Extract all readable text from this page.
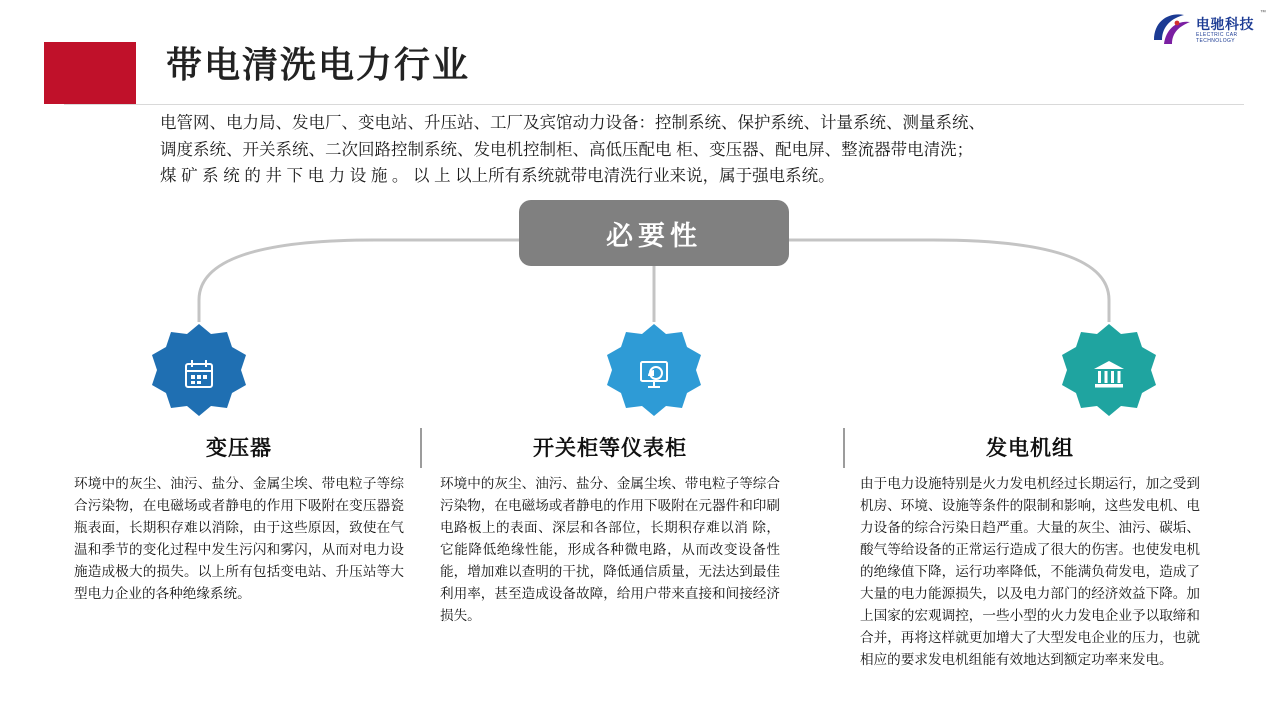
电驰科技
ELECTRIC CAR TECHNOLOGY
™
带电清洗电力行业
电管网、电力局、发电厂、变电站、升压站、工厂及宾馆动力设备：控制系统、保护系统、计量系统、测量系统、
调度系统、开关系统、二次回路控制系统、发电机控制柜、高低压配电 柜、变压器、配电屏、整流器带电清洗；
煤 矿 系 统 的 井 下 电 力 设 施 。 以 上 以上所有系统就带电清洗行业来说，属于强电系统。
必要性
变压器
环境中的灰尘、油污、盐分、金属尘埃、带电粒子等综合污染物，在电磁场或者静电的作用下吸附在变压器瓷瓶表面，长期积存难以消除，由于这些原因，致使在气温和季节的变化过程中发生污闪和雾闪，从而对电力设施造成极大的损失。以上所有包括变电站、升压站等大型电力企业的各种绝缘系统。
开关柜等仪表柜
环境中的灰尘、油污、盐分、金属尘埃、带电粒子等综合污染物，在电磁场或者静电的作用下吸附在元器件和印刷电路板上的表面、深层和各部位，长期积存难以消 除，它能降低绝缘性能，形成各种微电路，从而改变设备性能，增加难以查明的干扰，降低通信质量，无法达到最佳利用率，甚至造成设备故障，给用户带来直接和间接经济损失。
发电机组
由于电力设施特别是火力发电机经过长期运行，加之受到机房、环境、设施等条件的限制和影响，这些发电机、电力设备的综合污染日趋严重。大量的灰尘、油污、碳垢、 酸气等给设备的正常运行造成了很大的伤害。也使发电机的绝缘值下降，运行功率降低，不能满负荷发电，造成了大量的电力能源损失，以及电力部门的经济效益下降。加上国家的宏观调控，一些小型的火力发电企业予以取缔和合并，再将这样就更加增大了大型发电企业的压力，也就相应的要求发电机组能有效地达到额定功率来发电。
